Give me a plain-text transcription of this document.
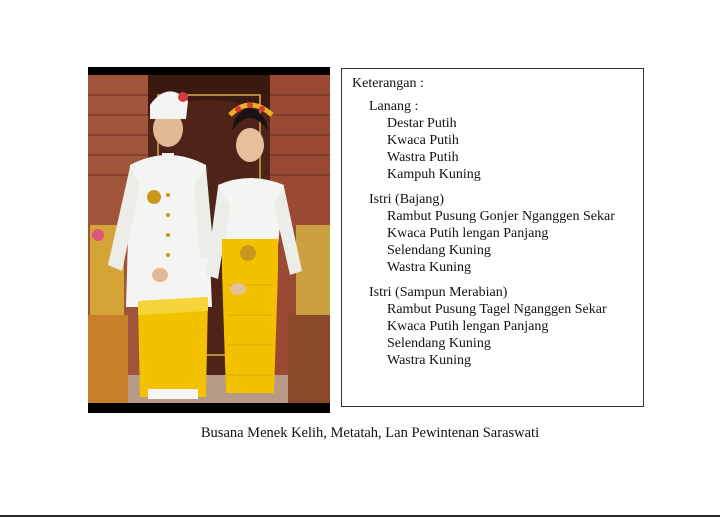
Keterangan :
Lanang :
Destar Putih
Kwaca Putih
Wastra Putih
Kampuh Kuning
Istri (Bajang)
Rambut Pusung Gonjer Nganggen Sekar
Kwaca Putih lengan Panjang
Selendang Kuning
Wastra Kuning
Istri (Sampun Merabian)
Rambut Pusung Tagel Nganggen Sekar
Kwaca Putih lengan Panjang
Selendang Kuning
Wastra Kuning
Busana Menek Kelih, Metatah, Lan Pewintenan Saraswati
